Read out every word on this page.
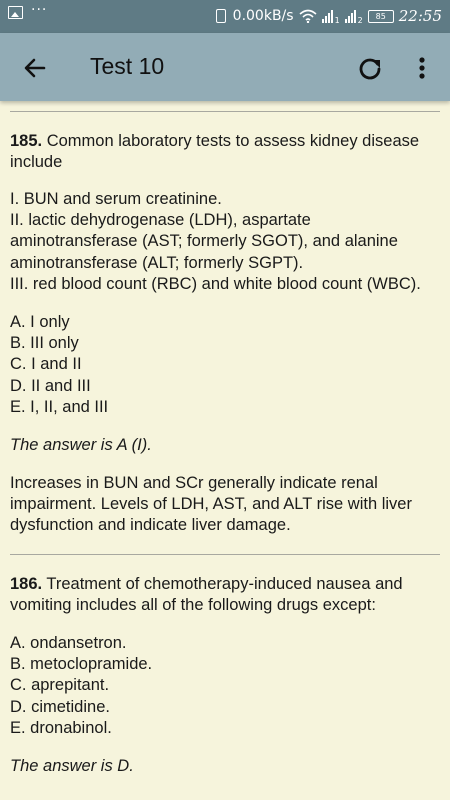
···	0.00kB/s	1 2	85 22:55
Test 10

185. Common laboratory tests to assess kidney disease include

I. BUN and serum creatinine.
II. lactic dehydrogenase (LDH), aspartate aminotransferase (AST; formerly SGOT), and alanine aminotransferase (ALT; formerly SGPT).
III. red blood count (RBC) and white blood count (WBC).
A. I only
B. III only
C. I and II
D. II and III
E. I, II, and III

The answer is A (I).

Increases in BUN and SCr generally indicate renal impairment. Levels of LDH, AST, and ALT rise with liver dysfunction and indicate liver damage.

186. Treatment of chemotherapy-induced nausea and vomiting includes all of the following drugs except:

A. ondansetron.
B. metoclopramide.
C. aprepitant.
D. cimetidine.
E. dronabinol.

The answer is D.
